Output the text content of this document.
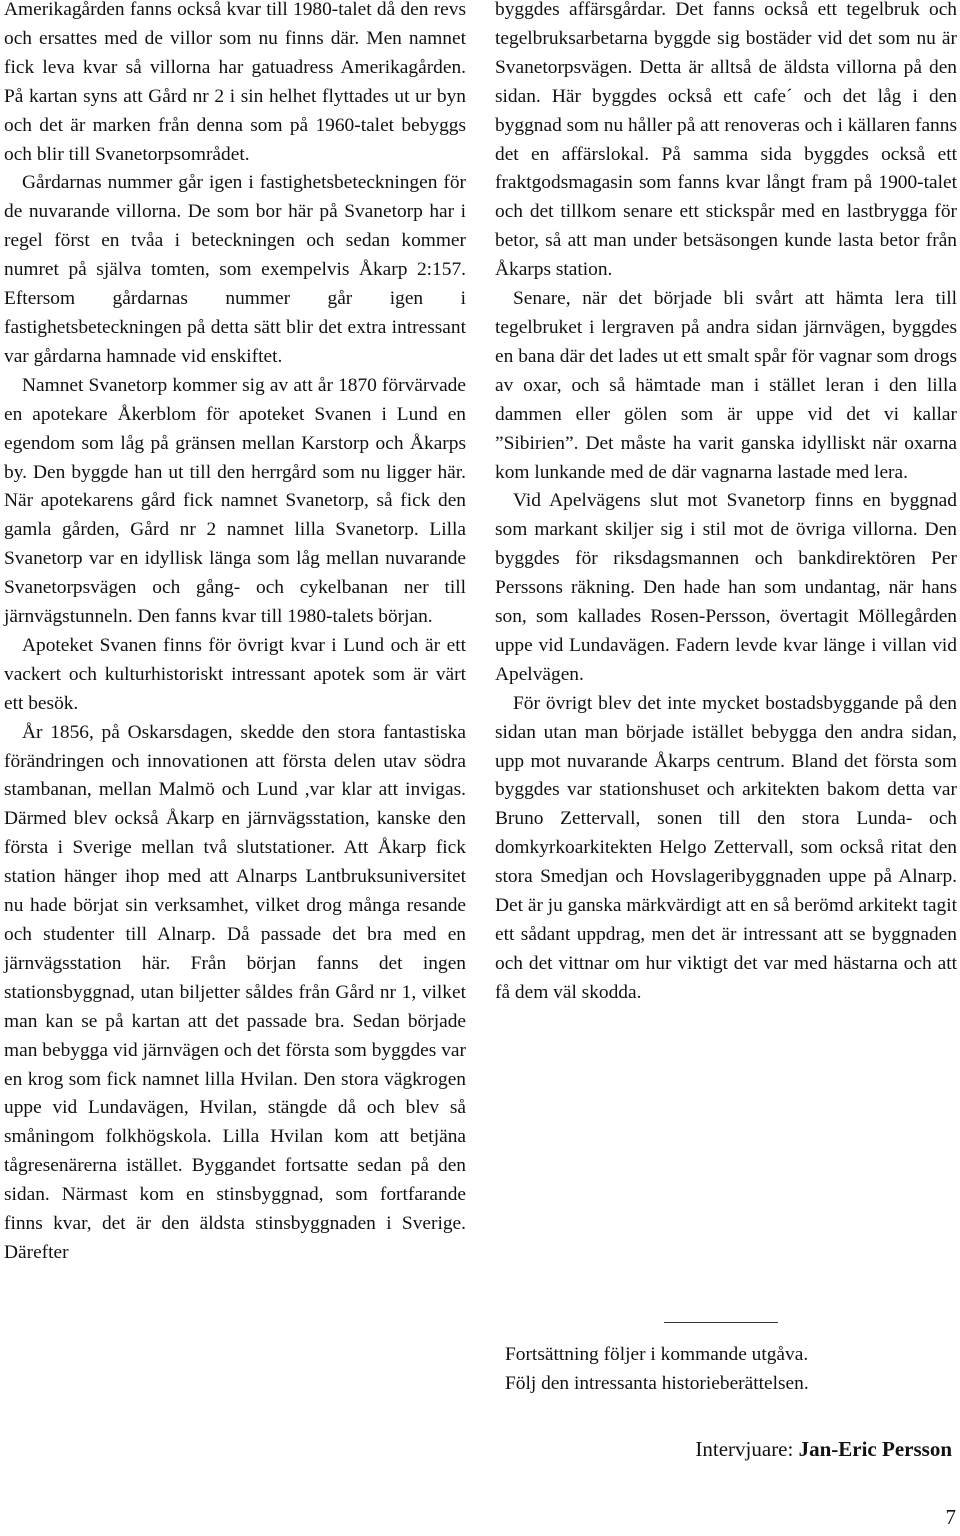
Amerikagården fanns också kvar till 1980-talet då den revs och ersattes med de villor som nu finns där. Men namnet fick leva kvar så villorna har gatuadress Amerikagården. På kartan syns att Gård nr 2 i sin helhet flyttades ut ur byn och det är marken från denna som på 1960-talet bebyggs och blir till Svanetorpsområdet.

Gårdarnas nummer går igen i fastighetsbeteckningen för de nuvarande villorna. De som bor här på Svanetorp har i regel först en tvåa i beteckningen och sedan kommer numret på själva tomten, som exempelvis Åkarp 2:157. Eftersom gårdarnas nummer går igen i fastighetsbeteckningen på detta sätt blir det extra intressant var gårdarna hamnade vid enskiftet.

Namnet Svanetorp kommer sig av att år 1870 förvärvade en apotekare Åkerblom för apoteket Svanen i Lund en egendom som låg på gränsen mellan Karstorp och Åkarps by. Den byggde han ut till den herrgård som nu ligger här. När apotekarens gård fick namnet Svanetorp, så fick den gamla gården, Gård nr 2 namnet lilla Svanetorp. Lilla Svanetorp var en idyllisk länga som låg mellan nuvarande Svanetorpsvägen och gång- och cykelbanan ner till järnvägstunneln. Den fanns kvar till 1980-talets början.

Apoteket Svanen finns för övrigt kvar i Lund och är ett vackert och kulturhistoriskt intressant apotek som är värt ett besök.

År 1856, på Oskarsdagen, skedde den stora fantastiska förändringen och innovationen att första delen utav södra stambanan, mellan Malmö och Lund ,var klar att invigas. Därmed blev också Åkarp en järnvägsstation, kanske den första i Sverige mellan två slutstationer. Att Åkarp fick station hänger ihop med att Alnarps Lantbruksuniversitet nu hade börjat sin verksamhet, vilket drog många resande och studenter till Alnarp. Då passade det bra med en järnvägsstation här. Från början fanns det ingen stationsbyggnad, utan biljetter såldes från Gård nr 1, vilket man kan se på kartan att det passade bra. Sedan började man bebygga vid järnvägen och det första som byggdes var en krog som fick namnet lilla Hvilan. Den stora vägkrogen uppe vid Lundavägen, Hvilan, stängde då och blev så småningom folkhögskola. Lilla Hvilan kom att betjäna tågresenärerna istället. Byggandet fortsatte sedan på den sidan. Närmast kom en stinsbyggnad, som fortfarande finns kvar, det är den äldsta stinsbyggnaden i Sverige. Därefter

byggdes affärsgårdar. Det fanns också ett tegelbruk och tegelbruksarbetarna byggde sig bostäder vid det som nu är Svanetorpsvägen. Detta är alltså de äldsta villorna på den sidan. Här byggdes också ett cafe´ och det låg i den byggnad som nu håller på att renoveras och i källaren fanns det en affärslokal. På samma sida byggdes också ett fraktgodsmagasin som fanns kvar långt fram på 1900-talet och det tillkom senare ett stickspår med en lastbrygga för betor, så att man under betsäsongen kunde lasta betor från Åkarps station.

Senare, när det började bli svårt att hämta lera till tegelbruket i lergraven på andra sidan järnvägen, byggdes en bana där det lades ut ett smalt spår för vagnar som drogs av oxar, och så hämtade man i stället leran i den lilla dammen eller gölen som är uppe vid det vi kallar ”Sibirien”. Det måste ha varit ganska idylliskt när oxarna kom lunkande med de där vagnarna lastade med lera.

Vid Apelvägens slut mot Svanetorp finns en byggnad som markant skiljer sig i stil mot de övriga villorna. Den byggdes för riksdagsmannen och bankdirektören Per Perssons räkning. Den hade han som undantag, när hans son, som kallades Rosen-Persson, övertagit Möllegården uppe vid Lundavägen. Fadern levde kvar länge i villan vid Apelvägen.

För övrigt blev det inte mycket bostadsbyggande på den sidan utan man började istället bebygga den andra sidan, upp mot nuvarande Åkarps centrum. Bland det första som byggdes var stationshuset och arkitekten bakom detta var Bruno Zettervall, sonen till den stora Lunda- och domkyrkoarkitekten Helgo Zettervall, som också ritat den stora Smedjan och Hovslageribyggnaden uppe på Alnarp. Det är ju ganska märkvärdigt att en så berömd arkitekt tagit ett sådant uppdrag, men det är intressant att se byggnaden och det vittnar om hur viktigt det var med hästarna och att få dem väl skodda.

Fortsättning följer i kommande utgåva.
Följ den intressanta historieberättelsen.
Intervjuare: Jan-Eric Persson
7
